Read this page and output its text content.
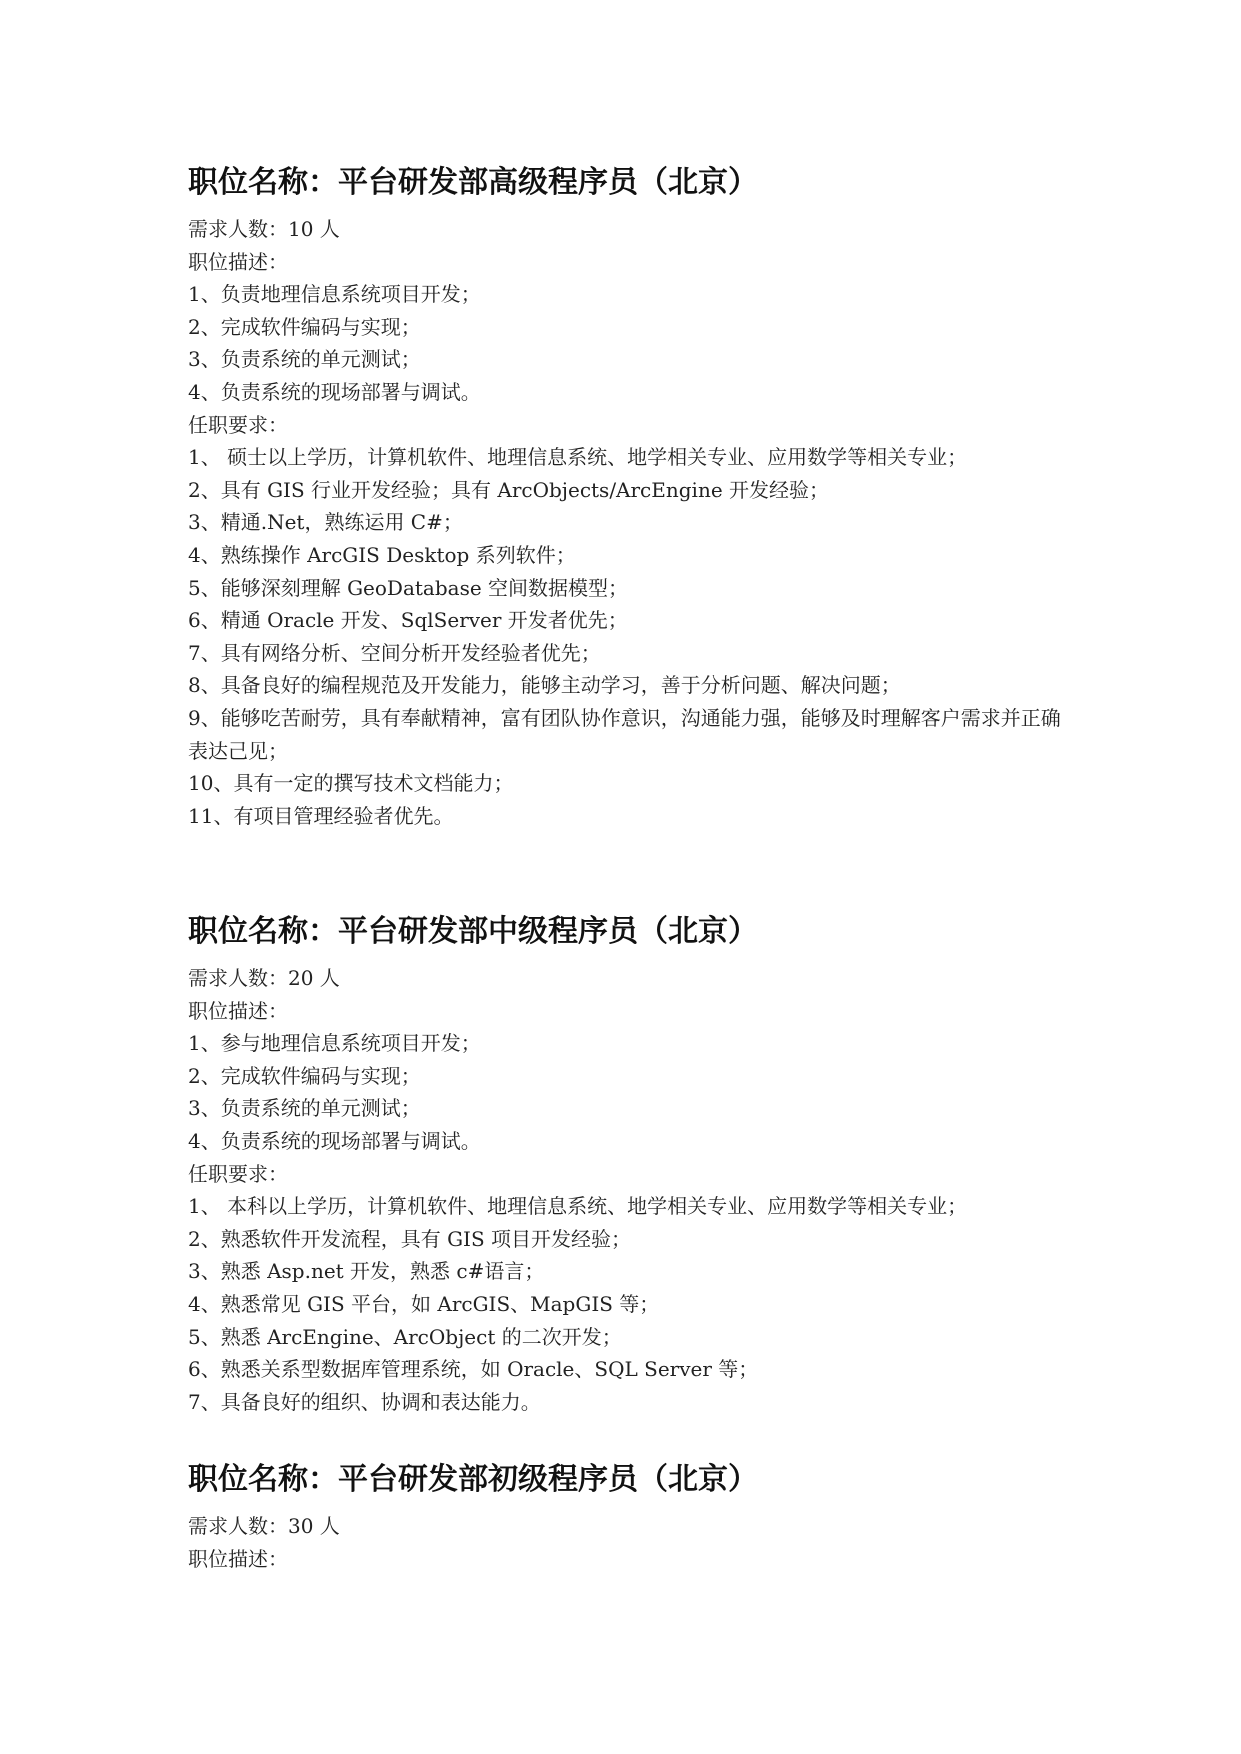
职位名称：平台研发部高级程序员（北京）
需求人数：10 人
职位描述：
1、负责地理信息系统项目开发；
2、完成软件编码与实现；
3、负责系统的单元测试；
4、负责系统的现场部署与调试。
任职要求：
1、 硕士以上学历，计算机软件、地理信息系统、地学相关专业、应用数学等相关专业；
2、具有 GIS 行业开发经验；具有 ArcObjects/ArcEngine 开发经验；
3、精通.Net，熟练运用 C#；
4、熟练操作 ArcGIS Desktop 系列软件；
5、能够深刻理解 GeoDatabase 空间数据模型；
6、精通 Oracle 开发、SqlServer 开发者优先；
7、具有网络分析、空间分析开发经验者优先；
8、具备良好的编程规范及开发能力，能够主动学习，善于分析问题、解决问题；
9、能够吃苦耐劳，具有奉献精神，富有团队协作意识，沟通能力强，能够及时理解客户需求并正确表达己见；
10、具有一定的撰写技术文档能力；
11、有项目管理经验者优先。
职位名称：平台研发部中级程序员（北京）
需求人数：20 人
职位描述：
1、参与地理信息系统项目开发；
2、完成软件编码与实现；
3、负责系统的单元测试；
4、负责系统的现场部署与调试。
任职要求：
1、 本科以上学历，计算机软件、地理信息系统、地学相关专业、应用数学等相关专业；
2、熟悉软件开发流程，具有 GIS 项目开发经验；
3、熟悉 Asp.net 开发，熟悉 c#语言；
4、熟悉常见 GIS 平台，如 ArcGIS、MapGIS 等；
5、熟悉 ArcEngine、ArcObject 的二次开发；
6、熟悉关系型数据库管理系统，如 Oracle、SQL Server 等；
7、具备良好的组织、协调和表达能力。
职位名称：平台研发部初级程序员（北京）
需求人数：30 人
职位描述：
